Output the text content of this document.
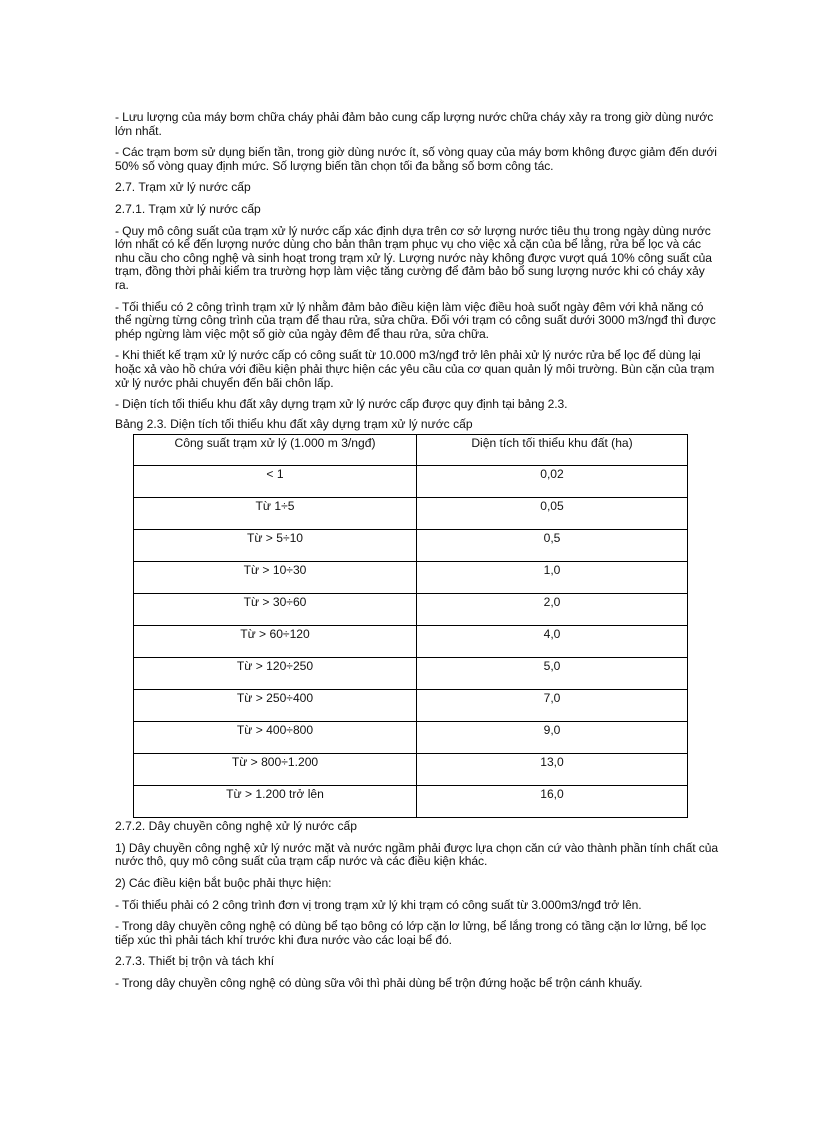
- Lưu lượng của máy bơm chữa cháy phải đảm bảo cung cấp lượng nước chữa cháy xảy ra trong giờ dùng nước lớn nhất.

- Các trạm bơm sử dụng biến tần, trong giờ dùng nước ít, số vòng quay của máy bơm không được giảm đến dưới 50% số vòng quay định mức. Số lượng biến tần chọn tối đa bằng số bơm công tác.

2.7. Trạm xử lý nước cấp

2.7.1. Trạm xử lý nước cấp

- Quy mô công suất của trạm xử lý nước cấp xác định dựa trên cơ sở lượng nước tiêu thụ trong ngày dùng nước lớn nhất có kể đến lượng nước dùng cho bản thân trạm phục vụ cho việc xả cặn của bể lắng, rửa bể lọc và các nhu cầu cho công nghệ và sinh hoạt trong trạm xử lý. Lượng nước này không được vượt quá 10% công suất của trạm, đồng thời phải kiểm tra trường hợp làm việc tăng cường để đảm bảo bổ sung lượng nước khi có cháy xảy ra.

- Tối thiểu có 2 công trình trạm xử lý nhằm đảm bảo điều kiện làm việc điều hoà suốt ngày đêm với khả năng có thể ngừng từng công trình của trạm để thau rửa, sửa chữa. Đối với trạm có công suất dưới 3000 m3/ngđ thì được phép ngừng làm việc một số giờ của ngày đêm để thau rửa, sửa chữa.

- Khi thiết kế trạm xử lý nước cấp có công suất từ 10.000 m3/ngđ trở lên phải xử lý nước rửa bể lọc để dùng lại hoặc xả vào hồ chứa với điều kiện phải thực hiện các yêu cầu của cơ quan quản lý môi trường. Bùn cặn của trạm xử lý nước phải chuyển đến bãi chôn lấp.

- Diện tích tối thiểu khu đất xây dựng trạm xử lý nước cấp được quy định tại bảng 2.3.

Bảng 2.3. Diện tích tối thiểu khu đất xây dựng trạm xử lý nước cấp

Công suất trạm xử lý (1.000 m 3/ngđ)	Diện tích tối thiểu khu đất (ha)

< 1	0,02

Từ 1÷5	0,05

Từ > 5÷10	0,5

Từ > 10÷30	1,0

Từ > 30÷60	2,0

Từ > 60÷120	4,0

Từ > 120÷250	5,0

Từ > 250÷400	7,0

Từ > 400÷800	9,0

Từ > 800÷1.200	13,0

Từ > 1.200 trở lên	16,0

2.7.2. Dây chuyền công nghệ xử lý nước cấp

1) Dây chuyền công nghệ xử lý nước mặt và nước ngầm phải được lựa chọn căn cứ vào thành phần tính chất của nước thô, quy mô công suất của trạm cấp nước và các điều kiện khác.

2) Các điều kiện bắt buộc phải thực hiện:

- Tối thiểu phải có 2 công trình đơn vị trong trạm xử lý khi trạm có công suất từ 3.000m3/ngđ trở lên.

- Trong dây chuyền công nghệ có dùng bể tạo bông có lớp cặn lơ lửng, bể lắng trong có tầng cặn lơ lửng, bể lọc tiếp xúc thì phải tách khí trước khi đưa nước vào các loại bể đó.

2.7.3. Thiết bị trộn và tách khí

- Trong dây chuyền công nghệ có dùng sữa vôi thì phải dùng bể trộn đứng hoặc bể trộn cánh khuấy.
